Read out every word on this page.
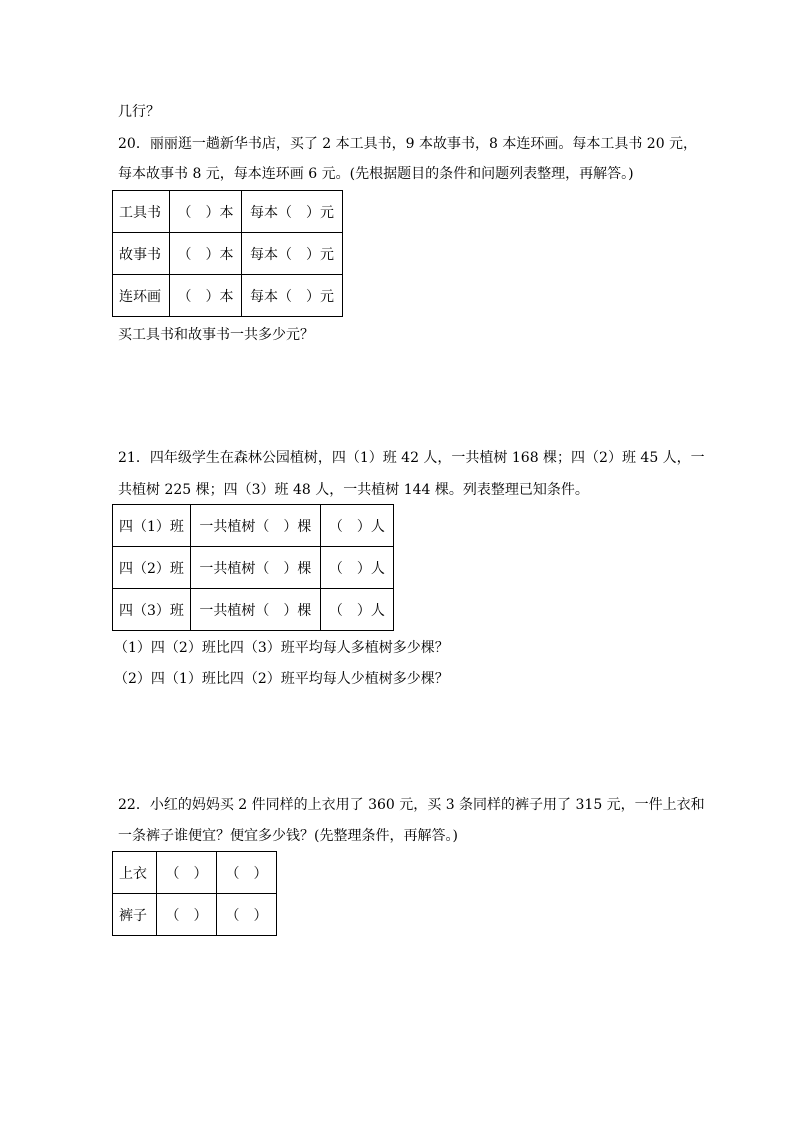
几行？
20．丽丽逛一趟新华书店，买了 2 本工具书，9 本故事书，8 本连环画。每本工具书 20 元，
每本故事书 8 元，每本连环画 6 元。(先根据题目的条件和问题列表整理，再解答。)
工具书	（　）本	每本（　）元
故事书	（　）本	每本（　）元
连环画	（　）本	每本（　）元
买工具书和故事书一共多少元？
21．四年级学生在森林公园植树，四（1）班 42 人，一共植树 168 棵；四（2）班 45 人，一
共植树 225 棵；四（3）班 48 人，一共植树 144 棵。列表整理已知条件。
四（1）班	一共植树（　）棵	（　）人
四（2）班	一共植树（　）棵	（　）人
四（3）班	一共植树（　）棵	（　）人
（1）四（2）班比四（3）班平均每人多植树多少棵？
（2）四（1）班比四（2）班平均每人少植树多少棵？
22．小红的妈妈买 2 件同样的上衣用了 360 元，买 3 条同样的裤子用了 315 元，一件上衣和
一条裤子谁便宜？便宜多少钱？(先整理条件，再解答。)
上衣	（　）	（　）
裤子	（　）	（　）
